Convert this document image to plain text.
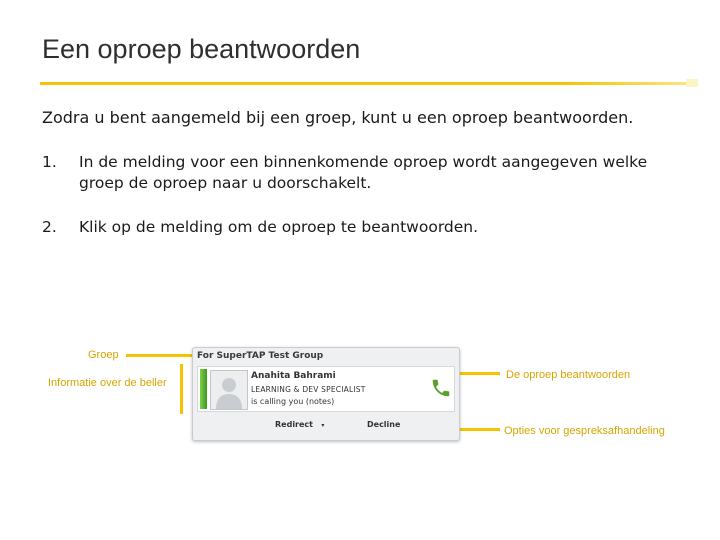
Een oproep beantwoorden

Zodra u bent aangemeld bij een groep, kunt u een oproep beantwoorden.

1. In de melding voor een binnenkomende oproep wordt aangegeven welke groep de oproep naar u doorschakelt.
2. Klik op de melding om de oproep te beantwoorden.
Groep
Informatie over de beller
De oproep beantwoorden
Opties voor gespreksafhandeling
For SuperTAP Test Group
Anahita Bahrami
LEARNING & DEV SPECIALIST
is calling you (notes)
Redirect ▾	Decline
